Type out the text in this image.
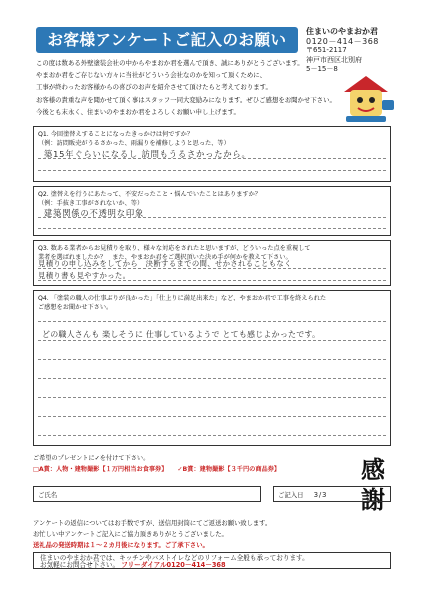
お客様アンケートご記入のお願い	住まいのやまおか君
0120－414－368
〒651-2117
神戸市西区北別府
5－15－8
この度は数ある外壁塗装会社の中からやまおか君を選んで頂き、誠にありがとうございます。
やまおか君をご存じない方々に当社がどういう会社なのかを知って頂くために、
工事が終わったお客様からの喜びのお声を紹介させて頂けたらと考えております。
お客様の貴重な声を聞かせて頂く事はスタッフ一同大変励みになります。ぜひご感想をお聞かせ下さい。
今後とも末永く、住まいのやまおか君をよろしくお願い申し上げます。
Q1. 今回塗替えすることになったきっかけは何ですか？
（例：訪問販売がうるさかった、雨漏りを補修しようと思った、等）
築15年ぐらいになるし 訪問もうるさかったから。
Q2. 塗替えを行うにあたって、不安だったこと・悩んでいたことはありますか？
（例：手抜き工事がされないか、等）
建築関係の不透明な印象
Q3. 数ある業者からお見積りを取り、様々な対応をされたと思いますが、どういった点を重視して
業者を選ばれましたか？　また、やまおか君をご選択頂いた決め手が何かを教えて下さい。
見積りの申し込みをしてから　決断するまでの間、せかされることもなく
見積り書も見やすかった。
Q4. 「塗装の職人の仕事ぶりが良かった」「仕上りに満足出来た」など、やまおか君で工事を終えられた
ご感想をお聞かせ下さい。
どの職人さんも 楽しそうに 仕事しているようで とても感じよかったです。
ご希望のプレゼントに✓を付けて下さい。
□A賞：人物・建物撮影【１万円相当お食事券】 ✓B賞：建物撮影【３千円の商品券】	感
謝
ご氏名	ご記入日 3/3
アンケートの返信についてはお手数ですが、送信用封筒にてご返送お願い致します。
お忙しい中アンケートご記入にご協力頂きありがとうございました。
送礼品の発送時期は１～２カ月後になります。ご了承下さい。
住まいのやまおか君では、キッチンやバストイレなどのリフォーム全般も承っております。
お気軽にお問合せ下さい。 フリーダイアル0120－414－368
